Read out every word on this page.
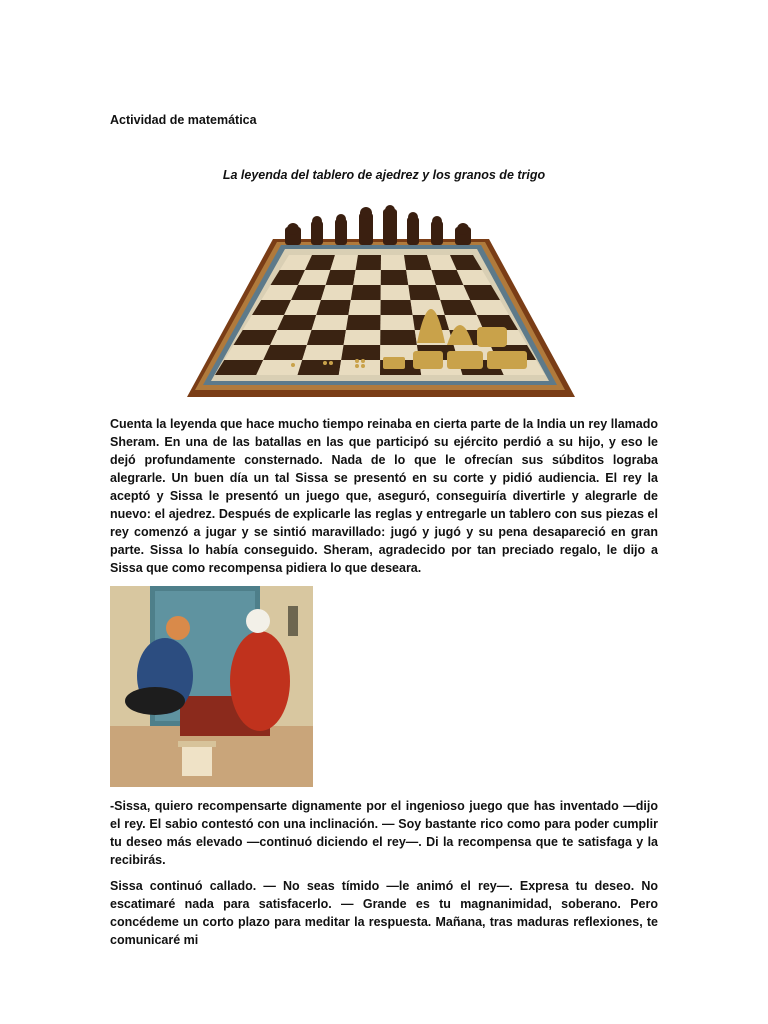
Actividad de matemática
La leyenda del tablero de ajedrez y los granos de trigo

Cuenta la leyenda que hace mucho tiempo reinaba en cierta parte de la India un rey llamado Sheram. En una de las batallas en las que participó su ejército perdió a su hijo, y eso le dejó profundamente consternado. Nada de lo que le ofrecían sus súbditos lograba alegrarle. Un buen día un tal Sissa se presentó en su corte y pidió audiencia. El rey la aceptó y Sissa le presentó un juego que, aseguró, conseguiría divertirle y alegrarle de nuevo: el ajedrez. Después de explicarle las reglas y entregarle un tablero con sus piezas el rey comenzó a jugar y se sintió maravillado: jugó y jugó y su pena desapareció en gran parte. Sissa lo había conseguido. Sheram, agradecido por tan preciado regalo, le dijo a Sissa que como recompensa pidiera lo que deseara.

-Sissa, quiero recompensarte dignamente por el ingenioso juego que has inventado —dijo el rey. El sabio contestó con una inclinación. — Soy bastante rico como para poder cumplir tu deseo más elevado —continuó diciendo el rey—. Di la recompensa que te satisfaga y la recibirás.

Sissa continuó callado. — No seas tímido —le animó el rey—. Expresa tu deseo. No escatimaré nada para satisfacerlo. — Grande es tu magnanimidad, soberano. Pero concédeme un corto plazo para meditar la respuesta. Mañana, tras maduras reflexiones, te comunicaré mi
